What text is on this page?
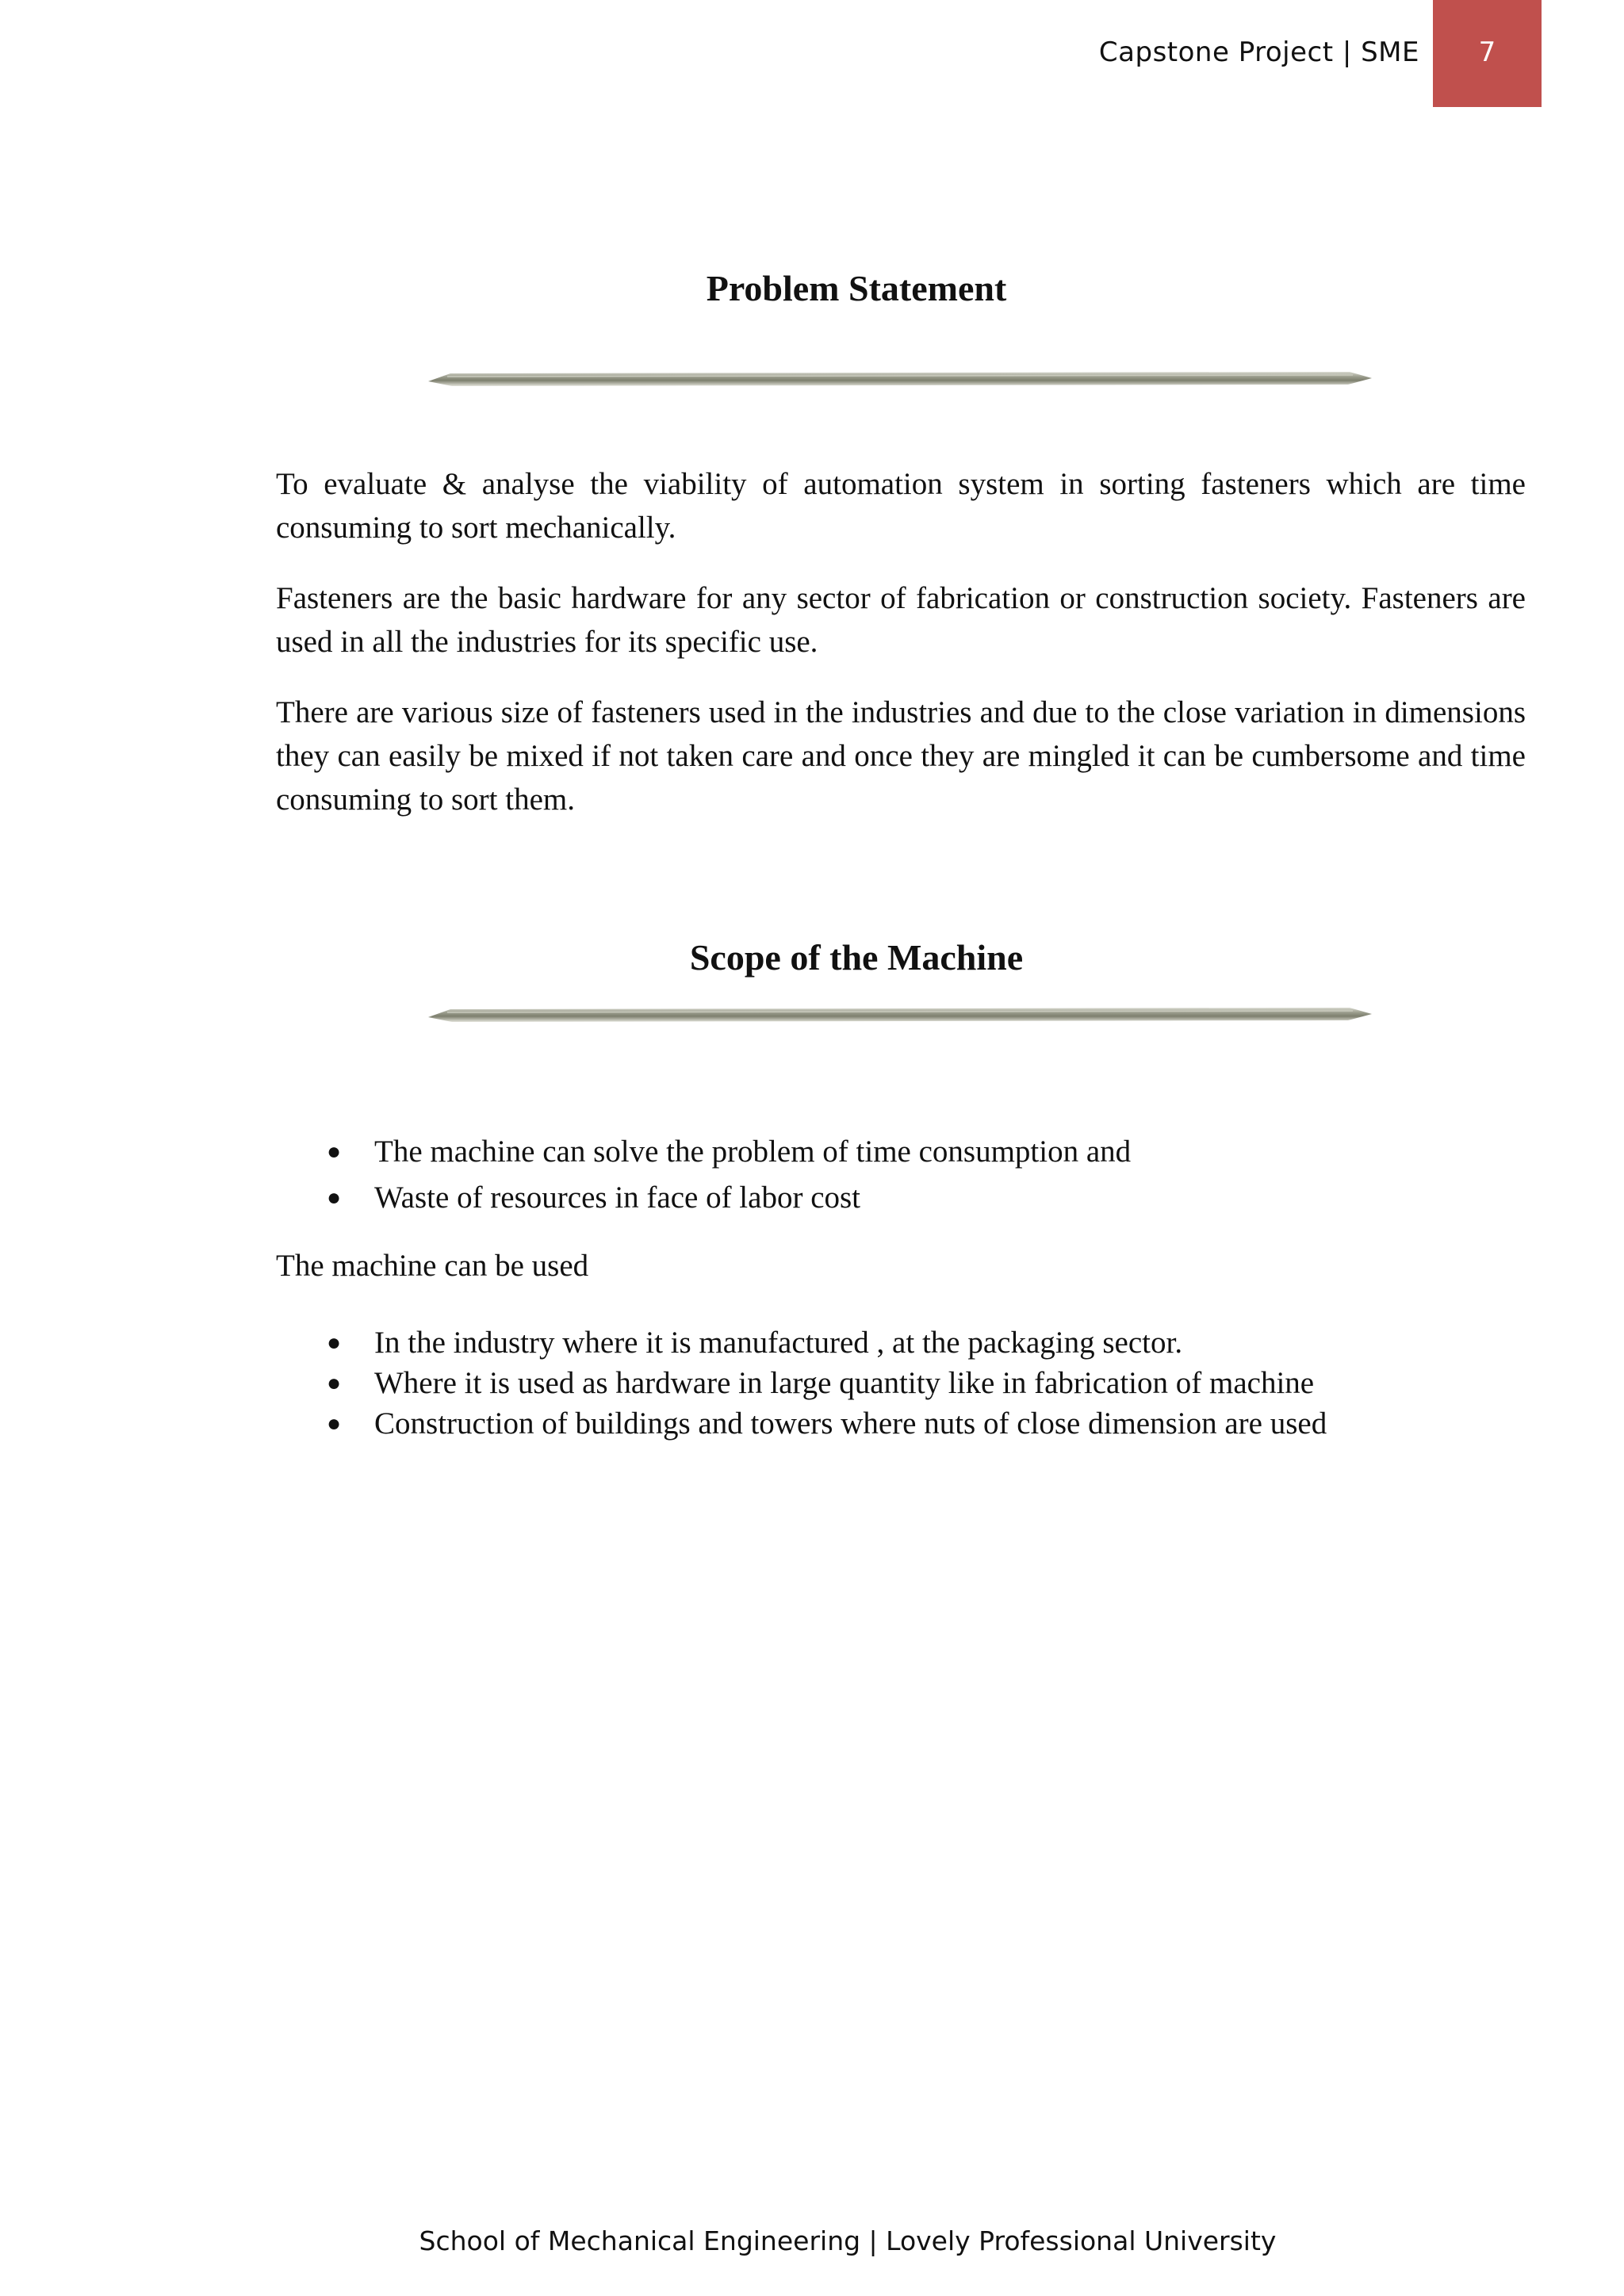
Capstone Project | SME	7
Problem Statement
To evaluate & analyse the viability of automation system in sorting fasteners which are time consuming to sort mechanically.
Fasteners are the basic hardware for any sector of fabrication or construction society. Fasteners are used in all the industries for its specific use.
There are various size of fasteners used in the industries and due to the close variation in dimensions they can easily be mixed if not taken care and once they are mingled it can be cumbersome and time consuming to sort them.
Scope of the Machine
● The machine can solve the problem of time consumption and
● Waste of resources in face of labor cost
The machine can be used
● In the industry where it is manufactured , at the packaging sector.
● Where it is used as hardware in large quantity like in fabrication of machine
● Construction of buildings and towers where nuts of close dimension are used
School of Mechanical Engineering | Lovely Professional University
